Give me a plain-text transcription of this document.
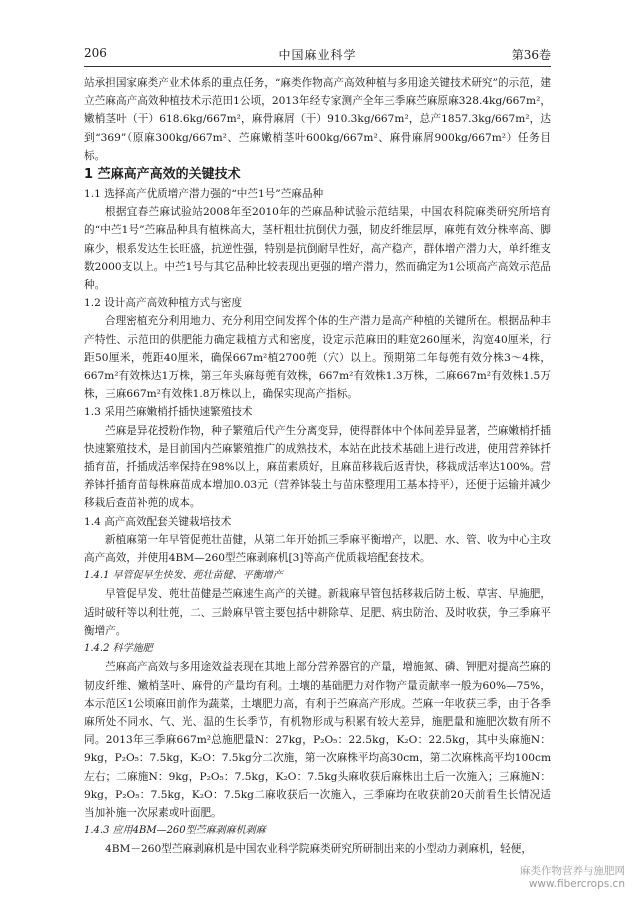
206	中国麻业科学	第36卷

站承担国家麻类产业术体系的重点任务，“麻类作物高产高效种植与多用途关键技术研究”的示范，建立苎麻高产高效种植技术示范田1公顷，2013年经专家测产全年三季麻苎麻原麻328.4kg/667m²，嫩梢茎叶（干）618.6kg/667m²，麻骨麻屑（干）910.3kg/667m²，总产1857.3kg/667m²，达到“369”（原麻300kg/667m²、苎麻嫩梢茎叶600kg/667m²、麻骨麻屑900kg/667m²）任务目标。

1 苎麻高产高效的关键技术

1.1 选择高产优质增产潜力强的“中苎1号”苎麻品种

根据宜春苎麻试验站2008年至2010年的苎麻品种试验示范结果，中国农科院麻类研究所培育的“中苎1号”苎麻品种具有植株高大，茎杆粗壮抗倒伏力强，韧皮纤维层厚，麻蔸有效分株率高、脚麻少，根系发达生长旺盛，抗逆性强，特别是抗倒耐旱性好，高产稳产，群体增产潜力大，单纤维支数2000支以上。中苎1号与其它品种比较表现出更强的增产潜力，然而确定为1公顷高产高效示范品种。

1.2 设计高产高效种植方式与密度

合理密植充分利用地力、充分利用空间发挥个体的生产潜力是高产种植的关键所在。根据品种丰产特性、示范田的供肥能力确定栽植方式和密度，设定示范麻田的畦宽260厘米，沟宽40厘米，行距50厘米，蔸距40厘米，确保667m²植2700蔸（穴）以上。预期第二年每蔸有效分株3～4株，667m²有效株达1万株，第三年头麻每蔸有效株，667m²有效株1.3万株，二麻667m²有效株1.5万株，三麻667m²有效株1.8万株以上，确保实现高产指标。

1.3 采用苎麻嫩梢扦插快速繁殖技术

苎麻是异花授粉作物，种子繁殖后代产生分离变异，使得群体中个体间差异显著，苎麻嫩梢扦插快速繁殖技术，是目前国内苎麻繁殖推广的成熟技术，本站在此技术基础上进行改进，使用营养钵扦插育苗，扦插成活率保持在98%以上，麻苗素质好，且麻苗移栽后返青快，移栽成活率达100%。营养钵扦插育苗每株麻苗成本增加0.03元（营养钵装土与苗床整理用工基本持平），还便于运输并减少移栽后查苗补蔸的成本。

1.4 高产高效配套关键栽培技术

新植麻第一年早管促蔸壮苗健，从第二年开始抓三季麻平衡增产，以肥、水、管、收为中心主攻高产高效，并使用4BM—260型苎麻剥麻机[3]等高产优质栽培配套技术。

1.4.1 早管促早生快发、蔸壮苗健、平衡增产

早管促早发、蔸壮苗健是苎麻速生高产的关键。新栽麻早管包括移栽后防土板、草害、早施肥，适时破秆等以利壮蔸，二、三龄麻早管主要包括中耕除草、足肥、病虫防治、及时收获，争三季麻平衡增产。

1.4.2 科学施肥

苎麻高产高效与多用途效益表现在其地上部分营养器官的产量，增施氮、磷、钾肥对提高苎麻的韧皮纤维、嫩梢茎叶、麻骨的产量均有利。土壤的基础肥力对作物产量贡献率一般为60%—75%，本示范区1公顷麻田前作为蔬菜，土壤肥力高，有利于苎麻高产形成。苎麻一年收获三季，由于各季麻所处不同水、气、光、温的生长季节，有机物形成与积累有较大差异，施肥量和施肥次数有所不同。2013年三季麻667m²总施肥量N：27kg，P₂O₅：22.5kg，K₂O：22.5kg，其中头麻施N：9kg，P₂O₅：7.5kg，K₂O：7.5kg分二次施，第一次麻株平均高30cm，第二次麻株高平均100cm左右；二麻施N：9kg，P₂O₅：7.5kg，K₂O：7.5kg头麻收获后麻株出土后一次施入；三麻施N：9kg，P₂O₅：7.5kg，K₂O：7.5kg二麻收获后一次施入，三季麻均在收获前20天前看生长情况适当加补施一次尿素或叶面肥。

1.4.3 应用4BM—260型苎麻剥麻机剥麻

4BM－260型苎麻剥麻机是中国农业科学院麻类研究所研制出来的小型动力剥麻机，轻便，

麻类作物营养与施肥网
www.fibercrops.cn
